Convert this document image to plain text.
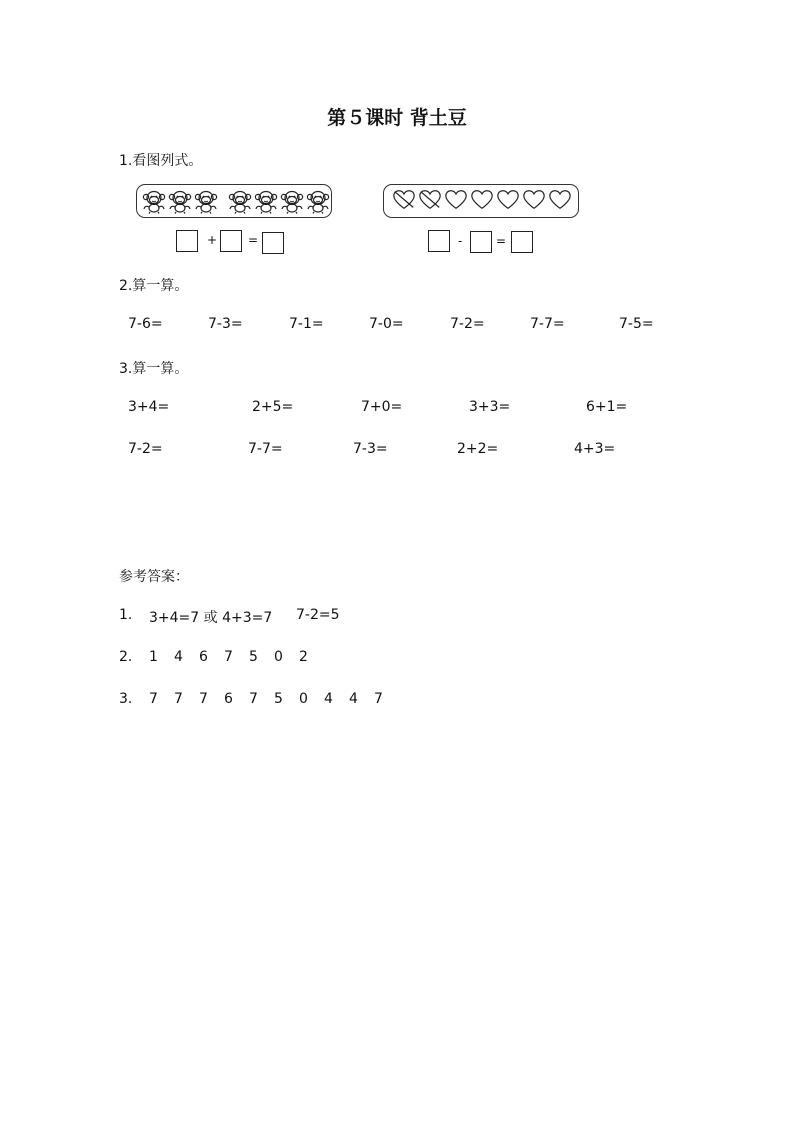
第５课时 背土豆
1.看图列式。
+	=	-	=
2.算一算。
7-6=	7-3=	7-1=	7-0=	7-2=	7-7=	7-5=
3.算一算。
3+4=	2+5=	7+0=	3+3=	6+1=
7-2=	7-7=	7-3=	2+2=	4+3=
参考答案：
1. 3+4=7 或 4+3=7 7-2=5
2. 1 4 6 7 5 0 2
3. 7 7 7 6 7 5 0 4 4 7
